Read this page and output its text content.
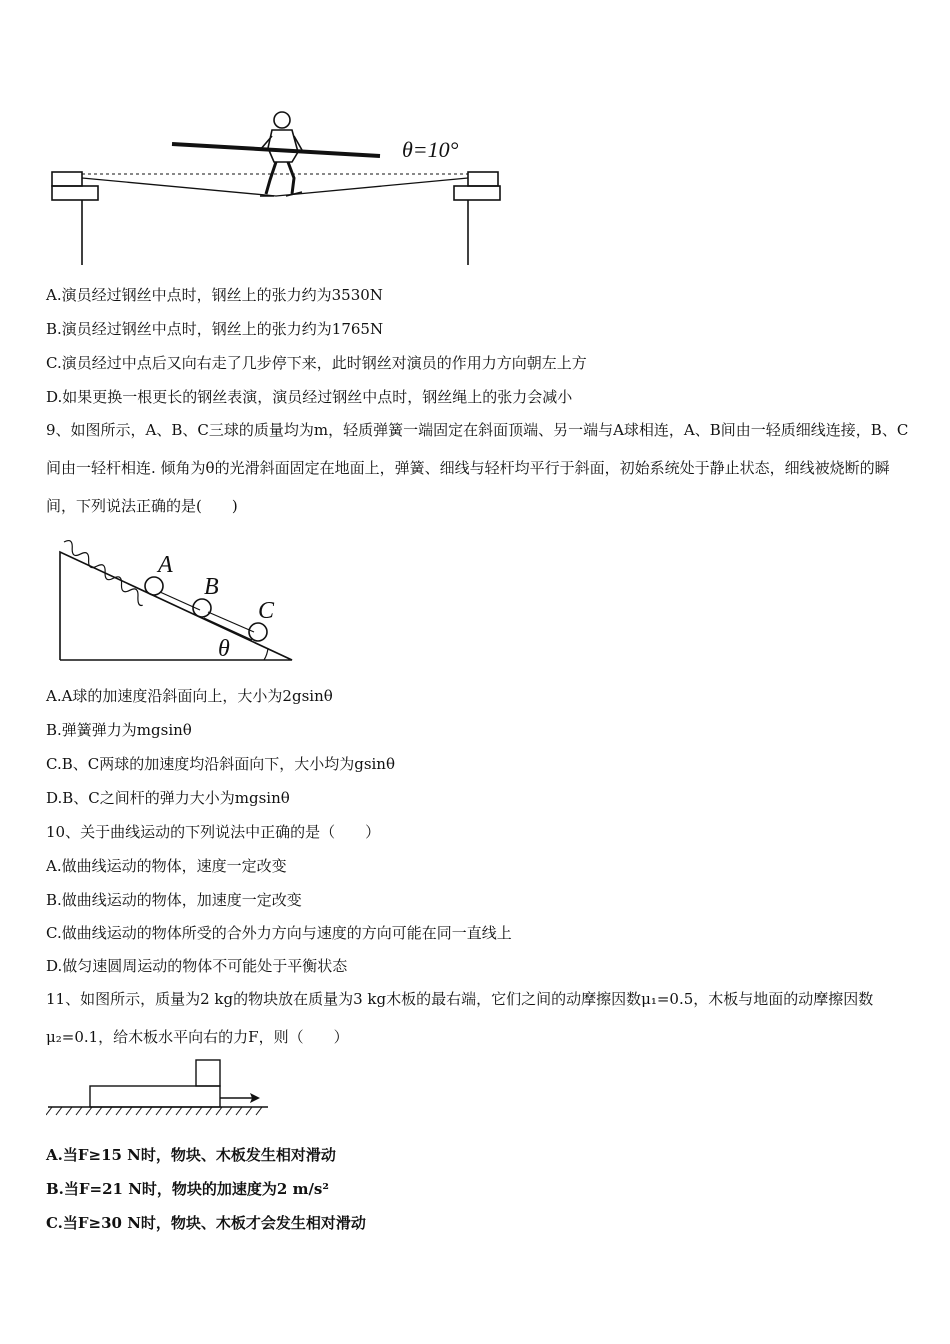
θ=10°
A.演员经过钢丝中点时，钢丝上的张力约为3530N
B.演员经过钢丝中点时，钢丝上的张力约为1765N
C.演员经过中点后又向右走了几步停下来，此时钢丝对演员的作用力方向朝左上方
D.如果更换一根更长的钢丝表演，演员经过钢丝中点时，钢丝绳上的张力会减小
9、如图所示，A、B、C三球的质量均为m，轻质弹簧一端固定在斜面顶端、另一端与A球相连，A、B间由一轻质细线连接，B、C间由一轻杆相连. 倾角为θ的光滑斜面固定在地面上，弹簧、细线与轻杆均平行于斜面，初始系统处于静止状态，细线被烧断的瞬间，下列说法正确的是(　　)
A
B
C
θ
A.A球的加速度沿斜面向上，大小为2gsinθ
B.弹簧弹力为mgsinθ
C.B、C两球的加速度均沿斜面向下，大小均为gsinθ
D.B、C之间杆的弹力大小为mgsinθ
10、关于曲线运动的下列说法中正确的是（　　）
A.做曲线运动的物体，速度一定改变
B.做曲线运动的物体，加速度一定改变
C.做曲线运动的物体所受的合外力方向与速度的方向可能在同一直线上
D.做匀速圆周运动的物体不可能处于平衡状态
11、如图所示，质量为2 kg的物块放在质量为3 kg木板的最右端，它们之间的动摩擦因数μ₁=0.5，木板与地面的动摩擦因数μ₂=0.1，给木板水平向右的力F，则（　　）
A.当F≥15 N时，物块、木板发生相对滑动
B.当F=21 N时，物块的加速度为2 m/s²
C.当F≥30 N时，物块、木板才会发生相对滑动
